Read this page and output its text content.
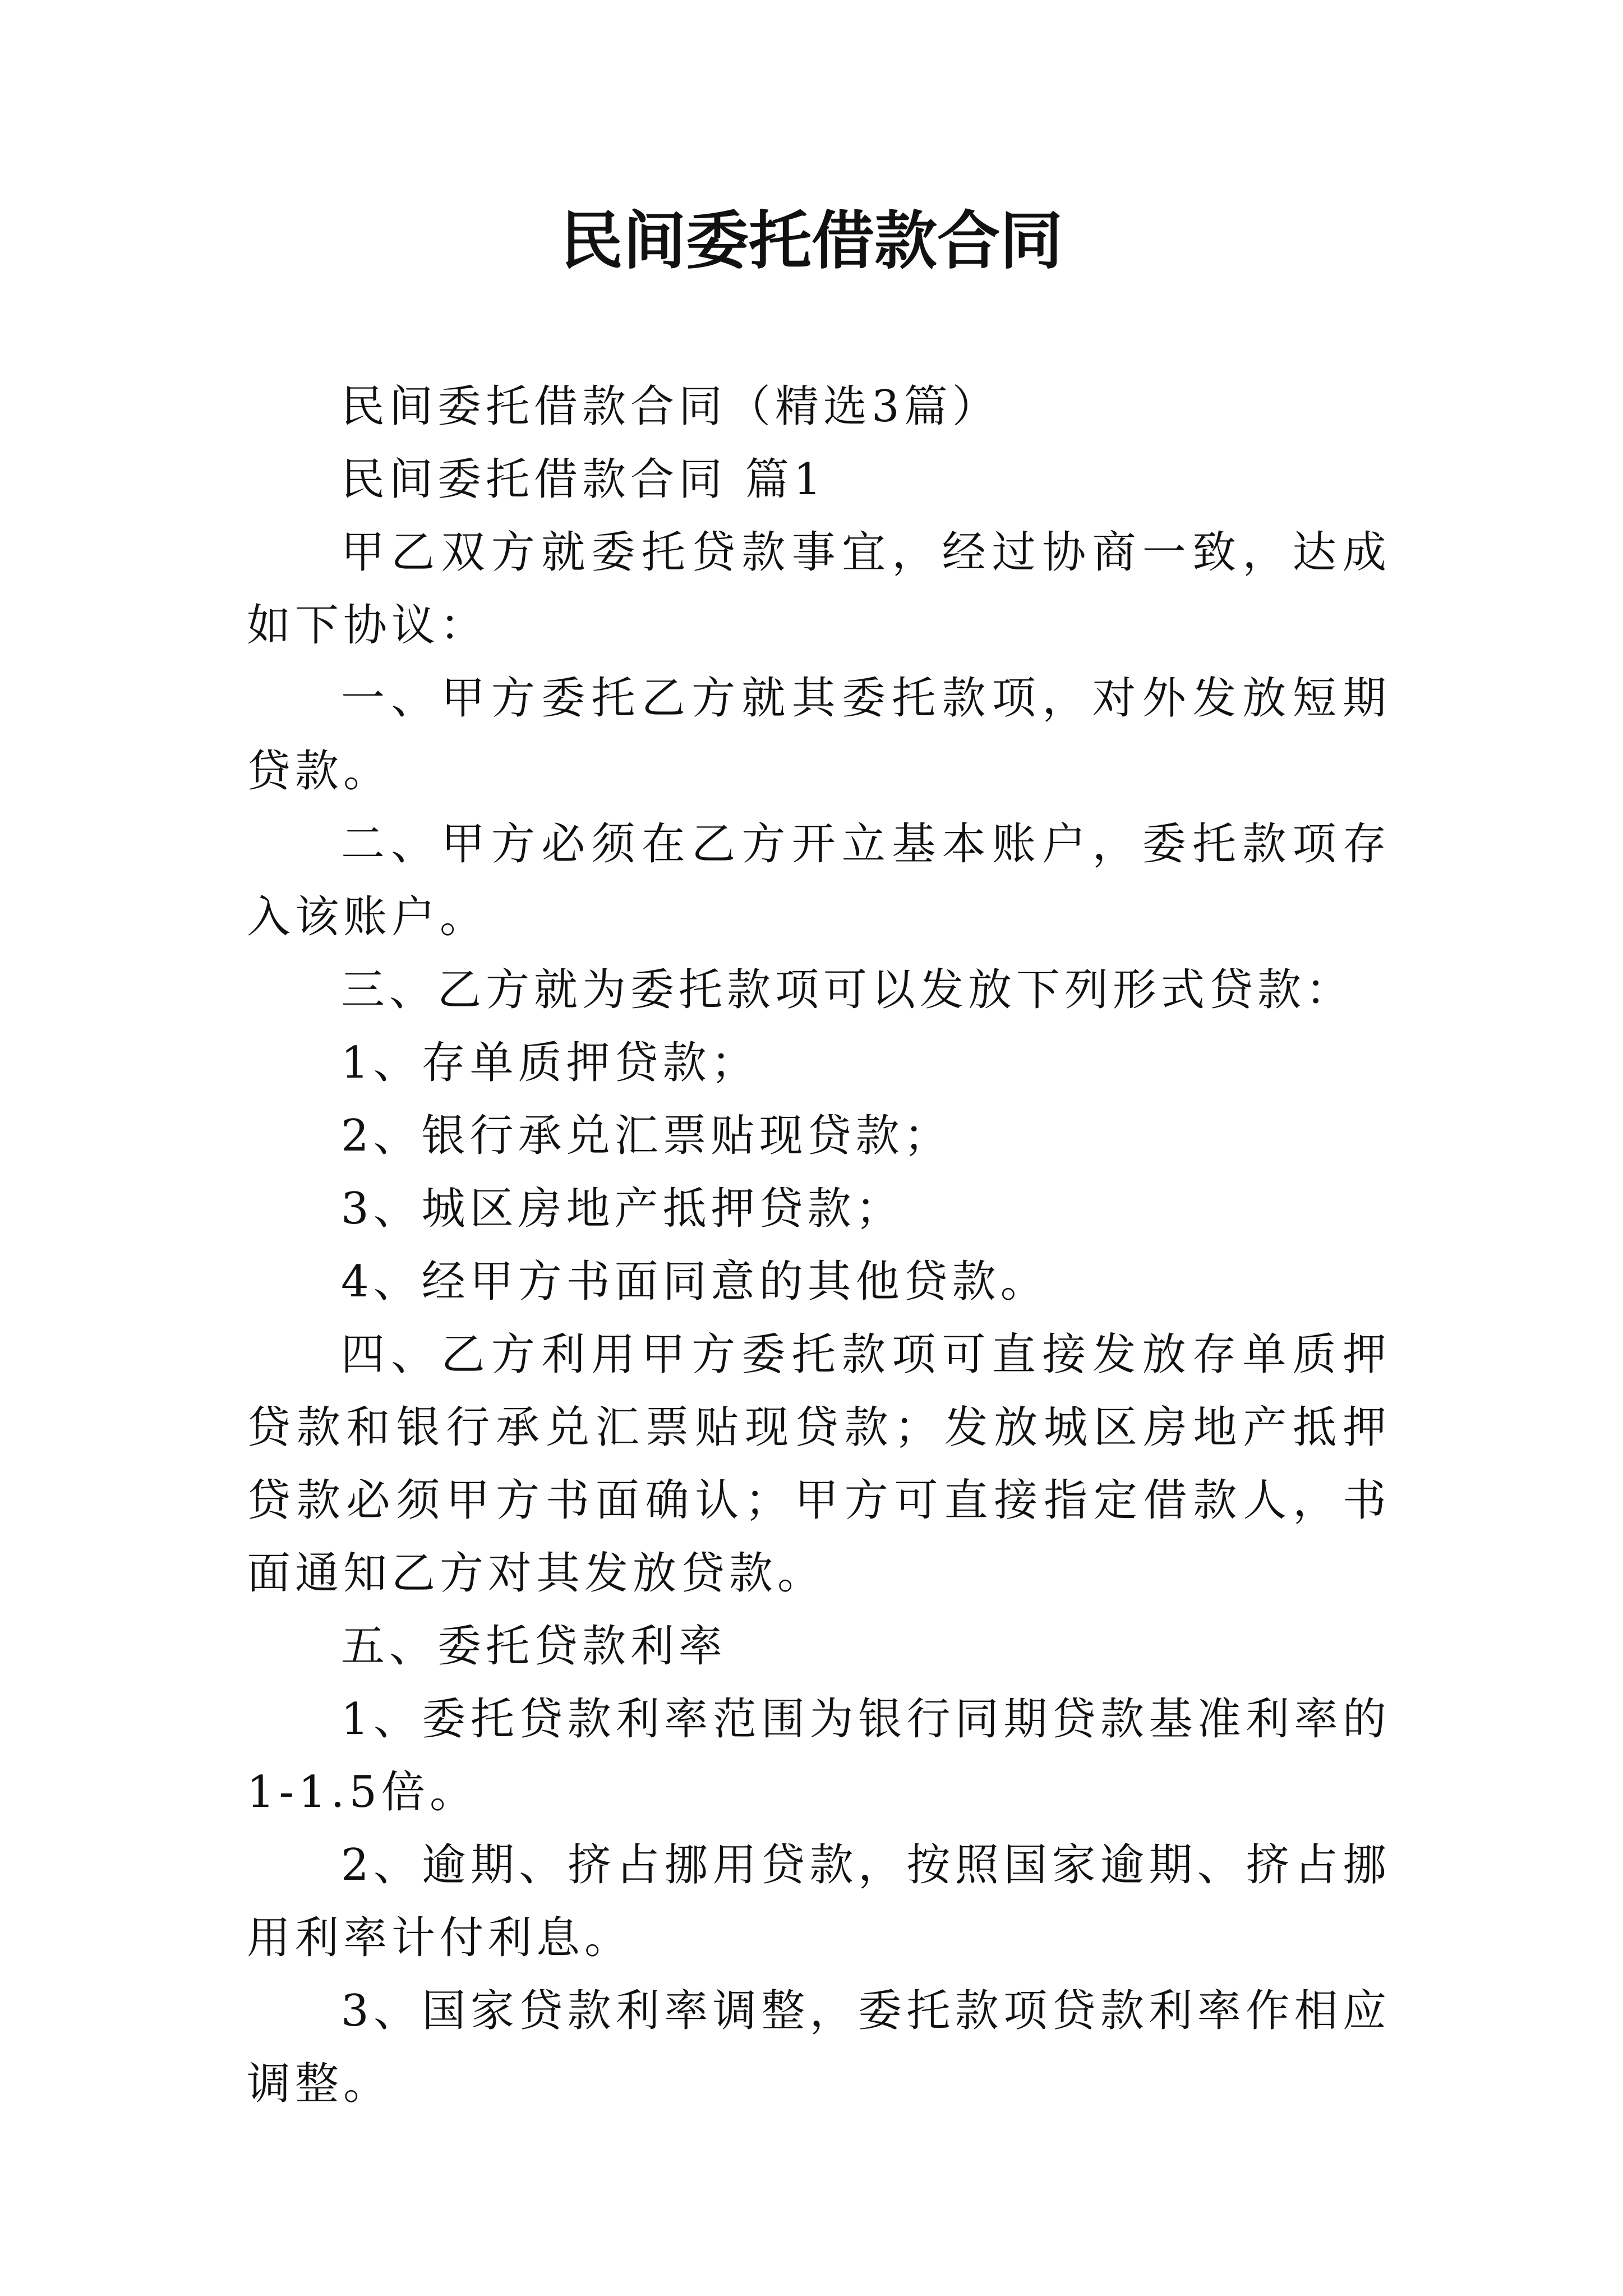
民间委托借款合同

民间委托借款合同（精选3篇）

民间委托借款合同 篇1

甲乙双方就委托贷款事宜，经过协商一致，达成如下协议：

一、甲方委托乙方就其委托款项，对外发放短期贷款。

二、甲方必须在乙方开立基本账户，委托款项存入该账户。

三、乙方就为委托款项可以发放下列形式贷款：

1、存单质押贷款；

2、银行承兑汇票贴现贷款；

3、城区房地产抵押贷款；

4、经甲方书面同意的其他贷款。

四、乙方利用甲方委托款项可直接发放存单质押贷款和银行承兑汇票贴现贷款；发放城区房地产抵押贷款必须甲方书面确认；甲方可直接指定借款人，书面通知乙方对其发放贷款。

五、委托贷款利率

1、委托贷款利率范围为银行同期贷款基准利率的1-1.5倍。

2、逾期、挤占挪用贷款，按照国家逾期、挤占挪用利率计付利息。

3、国家贷款利率调整，委托款项贷款利率作相应调整。
